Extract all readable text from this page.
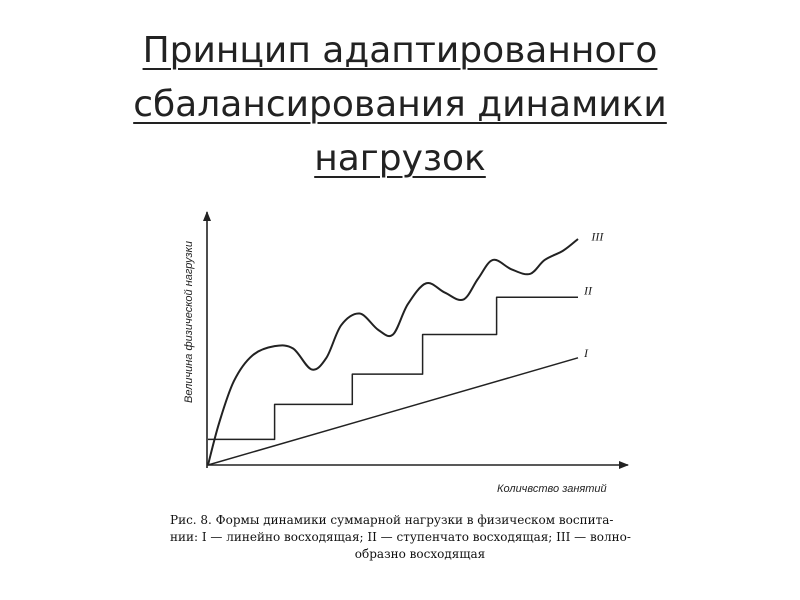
Принцип адаптированного
сбалансирования динамики
нагрузок
Величина физической нагрузки
Количвство занятий
I
II
III
Рис. 8. Формы динамики суммарной нагрузки в физическом воспита-
нии: I — линейно восходящая; II — ступенчато восходящая; III — волно-
образно восходящая
